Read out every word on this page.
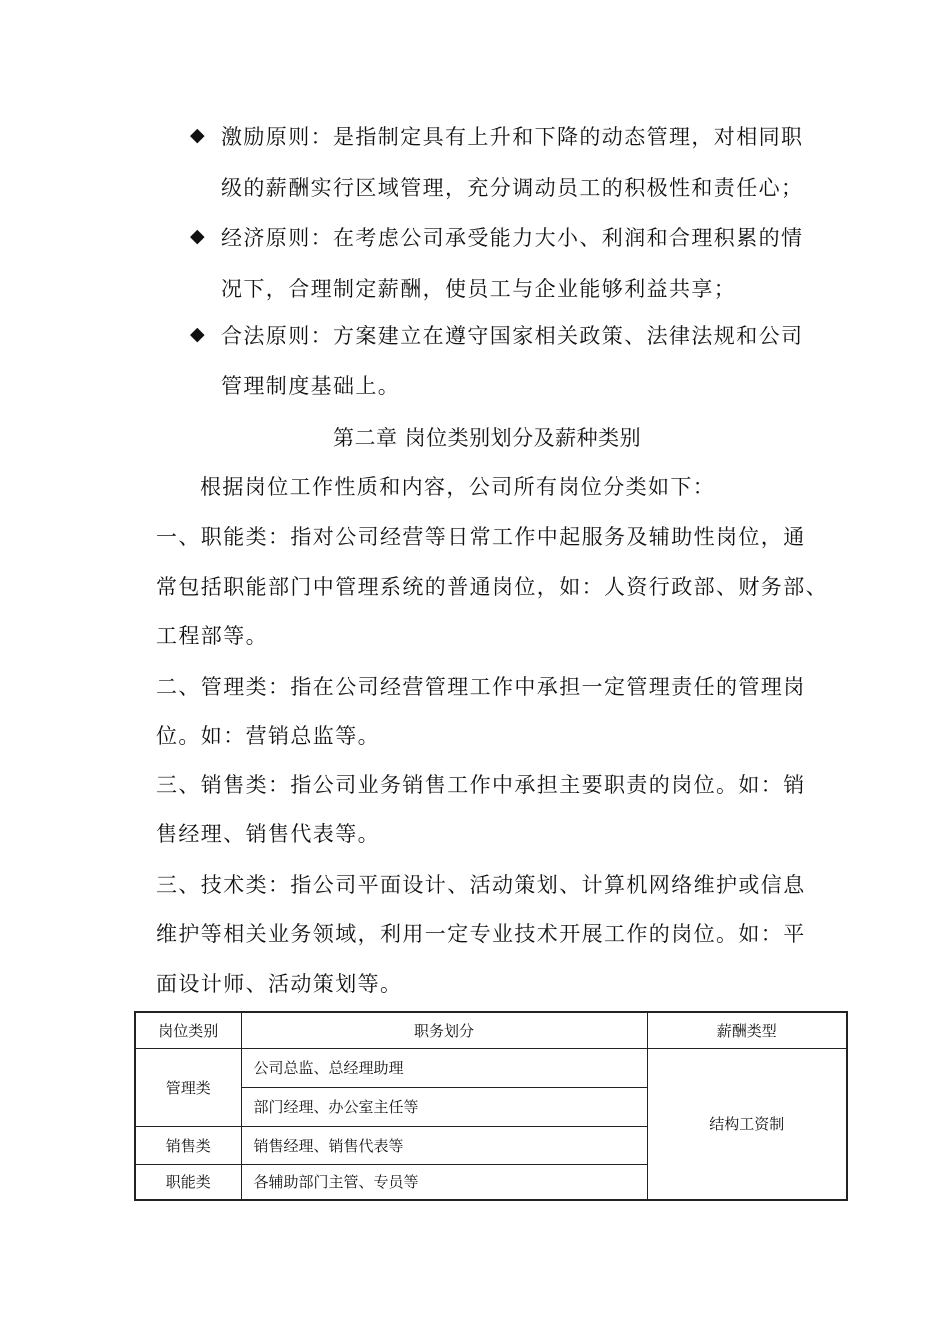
◆ 激励原则：是指制定具有上升和下降的动态管理，对相同职
级的薪酬实行区域管理，充分调动员工的积极性和责任心；
◆ 经济原则：在考虑公司承受能力大小、利润和合理积累的情
况下，合理制定薪酬，使员工与企业能够利益共享；
◆ 合法原则：方案建立在遵守国家相关政策、法律法规和公司
管理制度基础上。
第二章 岗位类别划分及薪种类别
根据岗位工作性质和内容，公司所有岗位分类如下：
一、职能类：指对公司经营等日常工作中起服务及辅助性岗位，通
常包括职能部门中管理系统的普通岗位，如：人资行政部、财务部、
工程部等。
二、管理类：指在公司经营管理工作中承担一定管理责任的管理岗
位。如：营销总监等。
三、销售类：指公司业务销售工作中承担主要职责的岗位。如：销
售经理、销售代表等。
三、技术类：指公司平面设计、活动策划、计算机网络维护或信息
维护等相关业务领域，利用一定专业技术开展工作的岗位。如：平
面设计师、活动策划等。
岗位类别	职务划分	薪酬类型
管理类	公司总监、总经理助理	结构工资制
	部门经理、办公室主任等	
销售类	销售经理、销售代表等	
职能类	各辅助部门主管、专员等	
